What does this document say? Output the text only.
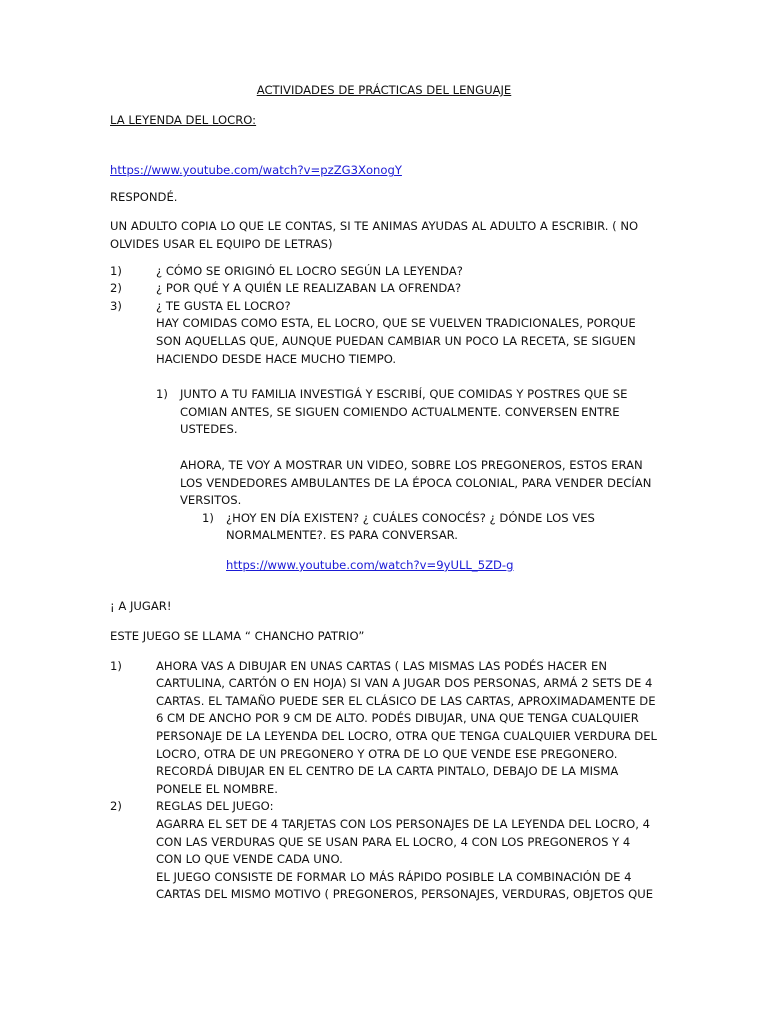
ACTIVIDADES DE PRÁCTICAS DEL LENGUAJE

LA LEYENDA DEL LOCRO:

https://www.youtube.com/watch?v=pzZG3XonogY

RESPONDÉ.

UN ADULTO COPIA LO QUE LE CONTAS, SI TE ANIMAS AYUDAS AL ADULTO A ESCRIBIR. ( NO OLVIDES USAR EL EQUIPO DE LETRAS)

1)	¿ CÓMO SE ORIGINÓ EL LOCRO SEGÚN LA LEYENDA?
2)	¿ POR QUÉ Y A QUIÉN LE REALIZABAN LA OFRENDA?
3)	¿ TE GUSTA EL LOCRO?

HAY COMIDAS COMO ESTA, EL LOCRO, QUE SE VUELVEN TRADICIONALES, PORQUE SON AQUELLAS QUE, AUNQUE PUEDAN CAMBIAR UN POCO LA RECETA, SE SIGUEN HACIENDO DESDE HACE MUCHO TIEMPO.

1) JUNTO A TU FAMILIA INVESTIGÁ Y ESCRIBÍ, QUE COMIDAS Y POSTRES QUE SE COMIAN ANTES, SE SIGUEN COMIENDO ACTUALMENTE. CONVERSEN ENTRE USTEDES.

AHORA, TE VOY A MOSTRAR UN VIDEO, SOBRE LOS PREGONEROS, ESTOS ERAN LOS VENDEDORES AMBULANTES DE LA ÉPOCA COLONIAL, PARA VENDER DECÍAN VERSITOS.

1) ¿HOY EN DÍA EXISTEN? ¿ CUÁLES CONOCÉS? ¿ DÓNDE LOS VES NORMALMENTE?. ES PARA CONVERSAR.
https://www.youtube.com/watch?v=9yULL_5ZD-g

¡ A JUGAR!

ESTE JUEGO SE LLAMA “ CHANCHO PATRIO”

1)	AHORA VAS A DIBUJAR EN UNAS CARTAS ( LAS MISMAS LAS PODÉS HACER EN CARTULINA, CARTÓN O EN HOJA) SI VAN A JUGAR DOS PERSONAS, ARMÁ 2 SETS DE 4 CARTAS. EL TAMAÑO PUEDE SER EL CLÁSICO DE LAS CARTAS, APROXIMADAMENTE DE 6 CM DE ANCHO POR 9 CM DE ALTO. PODÉS DIBUJAR, UNA QUE TENGA CUALQUIER PERSONAJE DE LA LEYENDA DEL LOCRO, OTRA QUE TENGA CUALQUIER VERDURA DEL LOCRO, OTRA DE UN PREGONERO Y OTRA DE LO QUE VENDE ESE PREGONERO. RECORDÁ DIBUJAR EN EL CENTRO DE LA CARTA PINTALO, DEBAJO DE LA MISMA PONELE EL NOMBRE.
2)	REGLAS DEL JUEGO:

AGARRA EL SET DE 4 TARJETAS CON LOS PERSONAJES DE LA LEYENDA DEL LOCRO, 4 CON LAS VERDURAS QUE SE USAN PARA EL LOCRO, 4 CON LOS PREGONEROS Y 4 CON LO QUE VENDE CADA UNO.

EL JUEGO CONSISTE DE FORMAR LO MÁS RÁPIDO POSIBLE LA COMBINACIÓN DE 4 CARTAS DEL MISMO MOTIVO ( PREGONEROS, PERSONAJES, VERDURAS, OBJETOS QUE
